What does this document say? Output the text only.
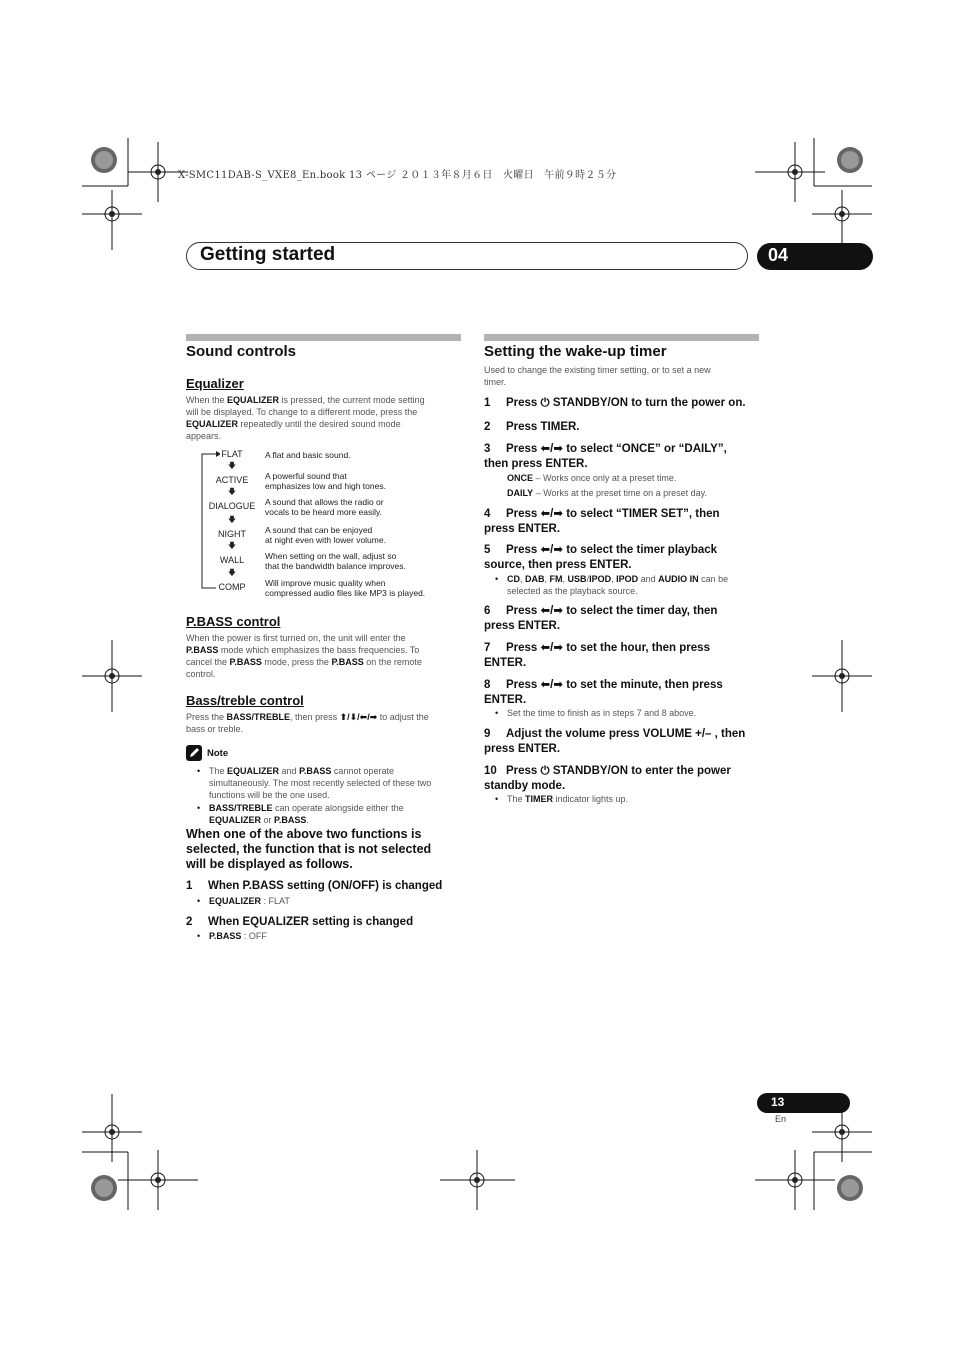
X-SMC11DAB-S_VXE8_En.book 13 ページ ２０１３年８月６日　火曜日　午前９時２５分
Getting started	04
Sound controls
Equalizer
When the EQUALIZER is pressed, the current mode setting
will be displayed. To change to a different mode, press the
EQUALIZER repeatedly until the desired sound mode
appears.
FLAT
🡇
ACTIVE
🡇
DIALOGUE
🡇
NIGHT
🡇
WALL
🡇
COMP
A flat and basic sound.
A powerful sound that
emphasizes low and high tones.
A sound that allows the radio or
vocals to be heard more easily.
A sound that can be enjoyed
at night even with lower volume.
When setting on the wall, adjust so
that the bandwidth balance improves.
Will improve music quality when
compressed audio files like MP3 is played.
P.BASS control
When the power is first turned on, the unit will enter the
P.BASS mode which emphasizes the bass frequencies. To
cancel the P.BASS mode, press the P.BASS on the remote
control.
Bass/treble control
Press the BASS/TREBLE, then press ⬆/⬇/⬅/➡ to adjust the
bass or treble.
Note
• The EQUALIZER and P.BASS cannot operate
simultaneously. The most recently selected of these two
functions will be the one used.
• BASS/TREBLE can operate alongside either the
EQUALIZER or P.BASS.
When one of the above two functions is
selected, the function that is not selected
will be displayed as follows.
1 When P.BASS setting (ON/OFF) is changed
• EQUALIZER : FLAT
2 When EQUALIZER setting is changed
• P.BASS : OFF
Setting the wake-up timer
Used to change the existing timer setting, or to set a new
timer.
1 Press ⏻ STANDBY/ON to turn the power on.
2 Press TIMER.
3 Press ⬅/➡ to select “ONCE” or “DAILY”,
then press ENTER.
ONCE – Works once only at a preset time.
DAILY – Works at the preset time on a preset day.
4 Press ⬅/➡ to select “TIMER SET”, then
press ENTER.
5 Press ⬅/➡ to select the timer playback
source, then press ENTER.
• CD, DAB, FM, USB/IPOD, IPOD and AUDIO IN can be
selected as the playback source.
6 Press ⬅/➡ to select the timer day, then
press ENTER.
7 Press ⬅/➡ to set the hour, then press
ENTER.
8 Press ⬅/➡ to set the minute, then press
ENTER.
• Set the time to finish as in steps 7 and 8 above.
9 Adjust the volume press VOLUME +/– , then
press ENTER.
10 Press ⏻ STANDBY/ON to enter the power
standby mode.
• The TIMER indicator lights up.
13
En
